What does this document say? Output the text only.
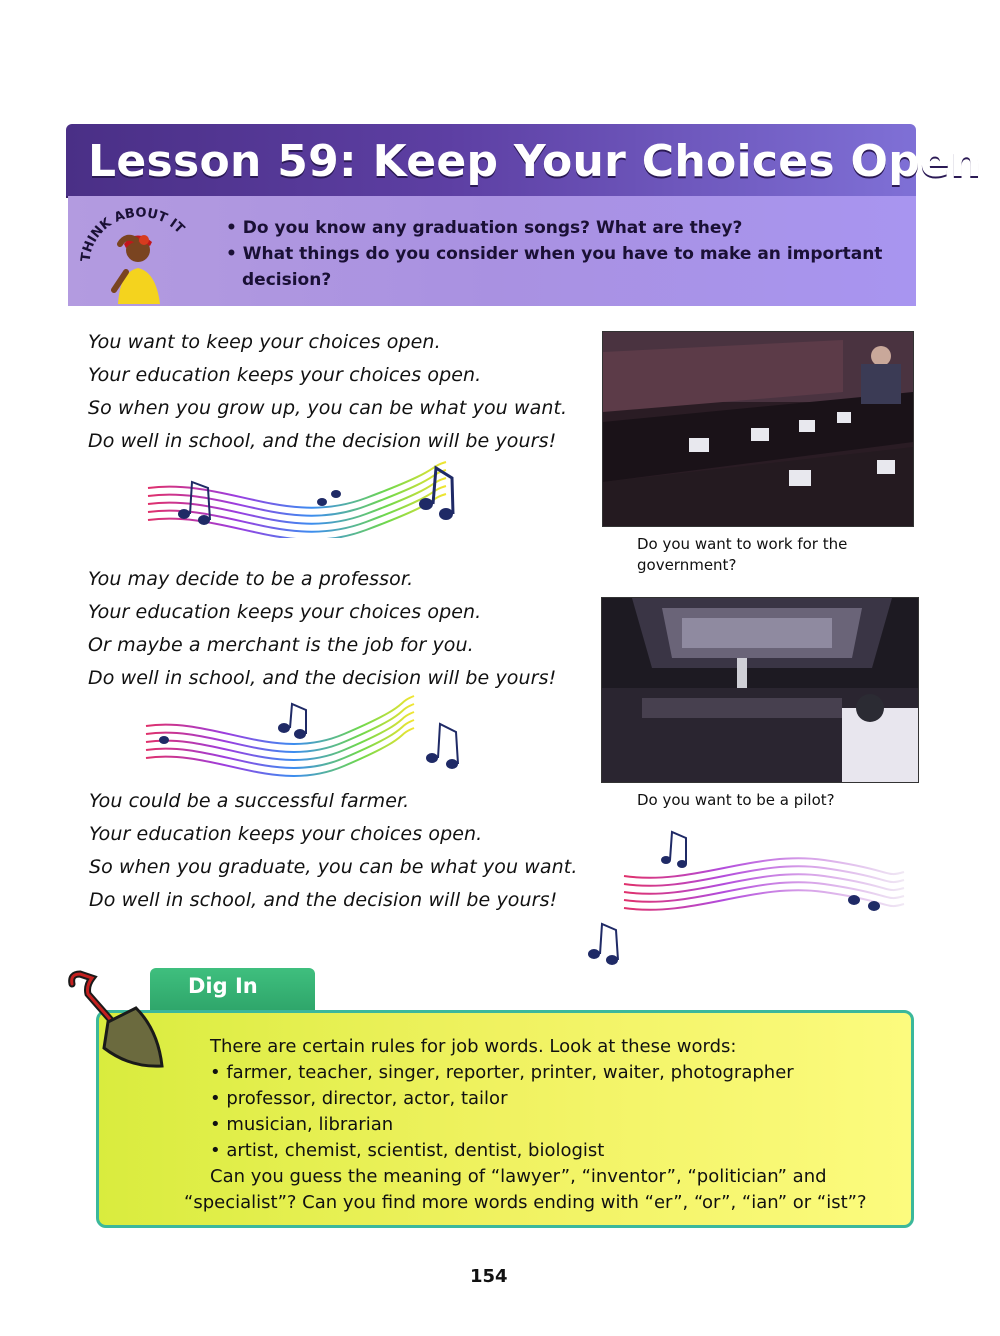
Lesson 59: Keep Your Choices Open
THINK ABOUT IT • Do you know any graduation songs? What are they?
• What things do you consider when you have to make an important
decision?
You want to keep your choices open.
Your education keeps your choices open.
So when you grow up, you can be what you want.
Do well in school, and the decision will be yours!
Do you want to work for the
government?
You may decide to be a professor.
Your education keeps your choices open.
Or maybe a merchant is the job for you.
Do well in school, and the decision will be yours!
Do you want to be a pilot?
You could be a successful farmer.
Your education keeps your choices open.
So when you graduate, you can be what you want.
Do well in school, and the decision will be yours!
Dig In
There are certain rules for job words. Look at these words:
• farmer, teacher, singer, reporter, printer, waiter, photographer
• professor, director, actor, tailor
• musician, librarian
• artist, chemist, scientist, dentist, biologist
Can you guess the meaning of “lawyer”, “inventor”, “politician” and
“specialist”? Can you find more words ending with “er”, “or”, “ian” or “ist”?
154
